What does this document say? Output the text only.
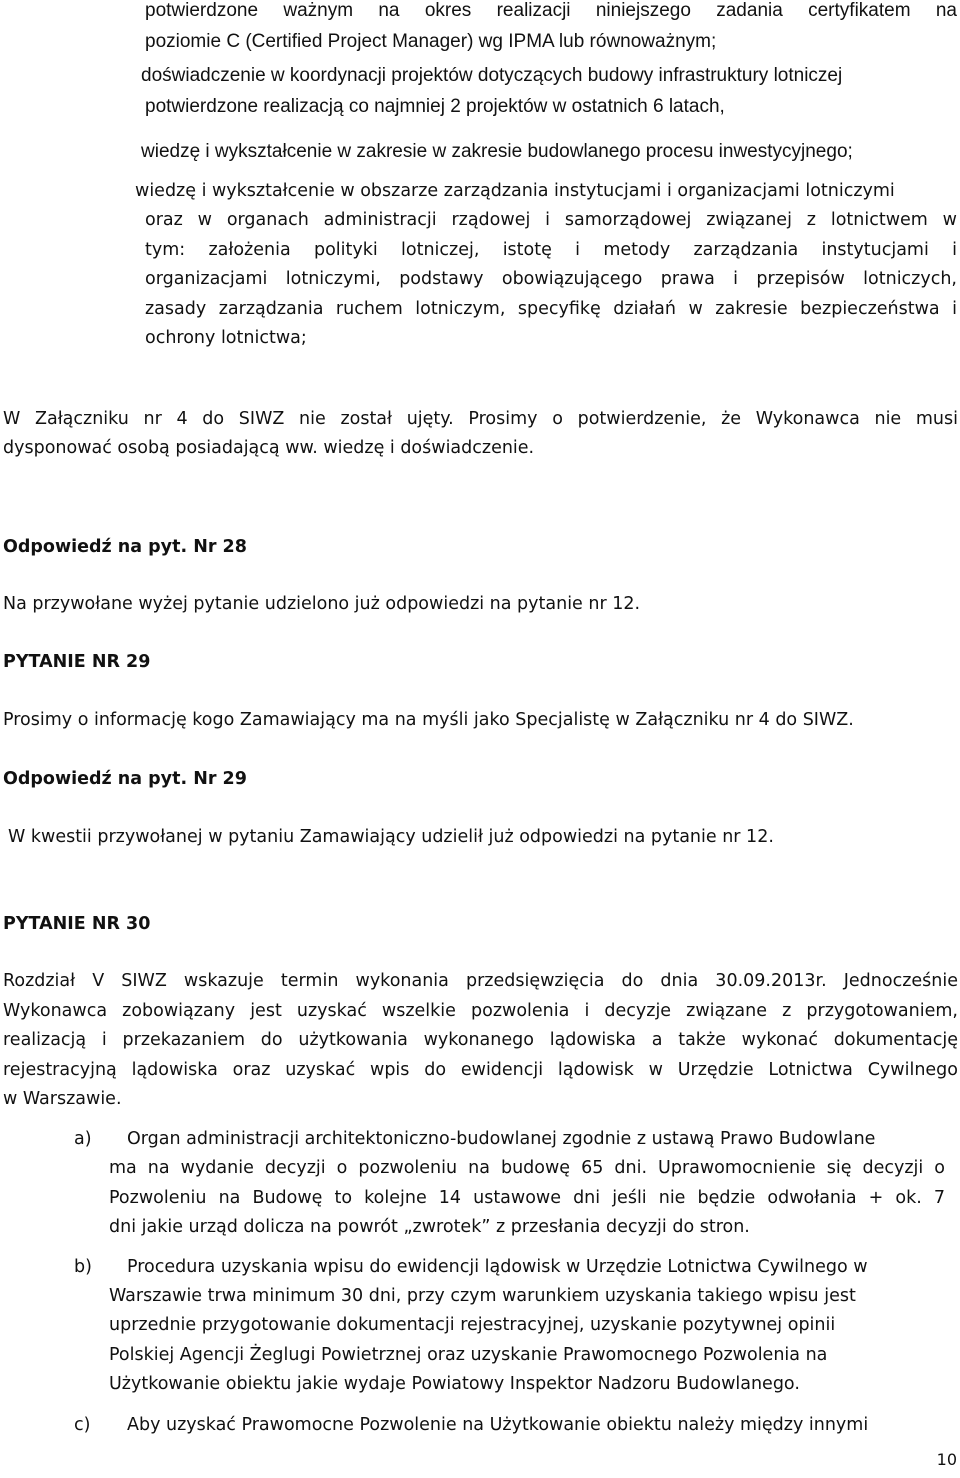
potwierdzone ważnym na okres realizacji niniejszego zadania certyfikatem na
poziomie C (Certified Project Manager) wg IPMA lub równoważnym;
doświadczenie w koordynacji projektów dotyczących budowy infrastruktury lotniczej
potwierdzone realizacją co najmniej 2 projektów w ostatnich 6 latach,
wiedzę i wykształcenie w zakresie w zakresie budowlanego procesu inwestycyjnego;
wiedzę i wykształcenie w obszarze zarządzania instytucjami i organizacjami lotniczymi
oraz w organach administracji rządowej i samorządowej związanej z lotnictwem w
tym: założenia polityki lotniczej, istotę i metody zarządzania instytucjami i
organizacjami lotniczymi, podstawy obowiązującego prawa i przepisów lotniczych,
zasady zarządzania ruchem lotniczym, specyfikę działań w zakresie bezpieczeństwa i
ochrony lotnictwa;
W Załączniku nr 4 do SIWZ nie został ujęty. Prosimy o potwierdzenie, że Wykonawca nie musi
dysponować osobą posiadającą ww. wiedzę i doświadczenie.
Odpowiedź na pyt. Nr 28
Na przywołane wyżej pytanie udzielono już odpowiedzi na pytanie nr 12.
PYTANIE NR 29
Prosimy o informację kogo Zamawiający ma na myśli jako Specjalistę w Załączniku nr 4 do SIWZ.
Odpowiedź na pyt. Nr 29
W kwestii przywołanej w pytaniu Zamawiający udzielił już odpowiedzi na pytanie nr 12.
PYTANIE NR 30
Rozdział V SIWZ wskazuje termin wykonania przedsięwzięcia do dnia 30.09.2013r. Jednocześnie
Wykonawca zobowiązany jest uzyskać wszelkie pozwolenia i decyzje związane z przygotowaniem,
realizacją i przekazaniem do użytkowania wykonanego lądowiska a także wykonać dokumentację
rejestracyjną lądowiska oraz uzyskać wpis do ewidencji lądowisk w Urzędzie Lotnictwa Cywilnego
w Warszawie.
a) Organ administracji architektoniczno-budowlanej zgodnie z ustawą Prawo Budowlane
ma na wydanie decyzji o pozwoleniu na budowę 65 dni. Uprawomocnienie się decyzji o
Pozwoleniu na Budowę to kolejne 14 ustawowe dni jeśli nie będzie odwołania + ok. 7
dni jakie urząd dolicza na powrót „zwrotek” z przesłania decyzji do stron.
b) Procedura uzyskania wpisu do ewidencji lądowisk w Urzędzie Lotnictwa Cywilnego w
Warszawie trwa minimum 30 dni, przy czym warunkiem uzyskania takiego wpisu jest
uprzednie przygotowanie dokumentacji rejestracyjnej, uzyskanie pozytywnej opinii
Polskiej Agencji Żeglugi Powietrznej oraz uzyskanie Prawomocnego Pozwolenia na
Użytkowanie obiektu jakie wydaje Powiatowy Inspektor Nadzoru Budowlanego.
c) Aby uzyskać Prawomocne Pozwolenie na Użytkowanie obiektu należy między innymi
10
